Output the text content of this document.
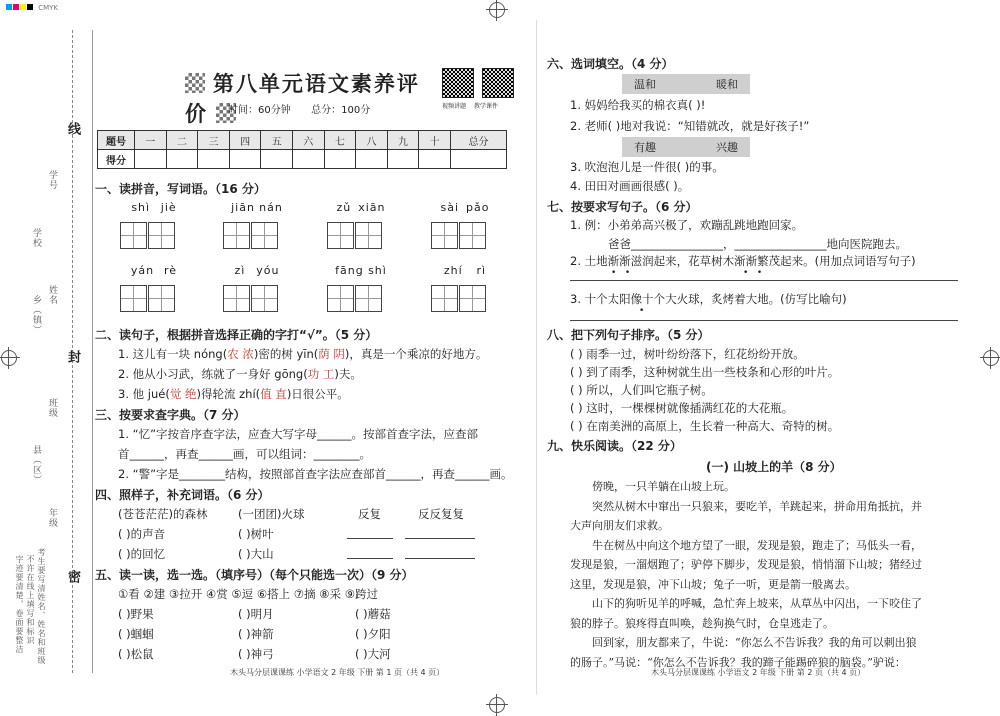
CMYK
线
封
密
学号
学校
姓名
乡（镇）
班级
县（区）
年级
考生要写清姓名、姓名和班级
不许在线上填写和标识
字迹要清楚，卷面要整洁
第八单元语文素养评价	时间：60分钟 总分：100分
	视频讲题 教学课件
题号	一	二	三	四	五	六	七	八	九	十	总分
得分											
一、读拼音，写词语。（16 分）
shì jiè	jiān nán	zǔ xiān	sài pǎo
yán rè	zì yóu	fāng shì	zhí rì
二、读句子，根据拼音选择正确的字打“√”。（5 分）
1. 这儿有一块 nóng(农 浓)密的树 yīn(荫 阴)，真是一个乘凉的好地方。
2. 他从小习武，练就了一身好 gōng(功 工)夫。
3. 他 jué(觉 绝)得轮流 zhí(值 直)日很公平。
三、按要求查字典。（7 分）
1. “忆”字按音序查字法，应查大写字母______。按部首查字法，应查部
首______，再查______画，可以组词：________。
2. “警”字是________结构，按照部首查字法应查部首______，再查______画。
四、照样子，补充词语。（6 分）
(苍苍茫茫)的森林	(一团团)火球	反复	反反复复
( )的声音	( )树叶
( )的回忆	( )大山
五、读一读，选一选。（填序号）（每个只能选一次）（9 分）
①看 ②建 ③拉开 ④赏 ⑤逗 ⑥搭上 ⑦摘 ⑧采 ⑨跨过
( )野果	( )明月	( )蘑菇
( )蝈蝈	( )神箭	( )夕阳
( )松鼠	( )神弓	( )大河
木头马分层课课练 小学语文 2 年级 下册 第 1 页（共 4 页）
六、选词填空。（4 分）
温和	暖和
1. 妈妈给我买的棉衣真( )!
2. 老师( )地对我说：“知错就改，就是好孩子!”
有趣	兴趣
3. 吹泡泡儿是一件很( )的事。
4. 田田对画画很感( )。
七、按要求写句子。（6 分）
1. 例：小弟弟高兴极了，欢蹦乱跳地跑回家。
爸爸________________，________________地向医院跑去。
2. 土地渐渐滋润起来，花草树木渐渐繁茂起来。(用加点词语写句子)
•   •	•   •
3. 十个太阳像十个大火球，炙烤着大地。(仿写比喻句)
•
八、把下列句子排序。（5 分）
( ) 雨季一过，树叶纷纷落下，红花纷纷开放。
( ) 到了雨季，这种树就生出一些枝条和心形的叶片。
( ) 所以，人们叫它瓶子树。
( ) 这时，一棵棵树就像插满红花的大花瓶。
( ) 在南美洲的高原上，生长着一种高大、奇特的树。
九、快乐阅读。（22 分）
(一) 山坡上的羊（8 分）
傍晚，一只羊躺在山坡上玩。
突然从树木中窜出一只狼来，要吃羊，羊跳起来，拼命用角抵抗，并
大声向朋友们求救。
牛在树丛中向这个地方望了一眼，发现是狼，跑走了；马低头一看，
发现是狼，一溜烟跑了；驴停下脚步，发现是狼，悄悄溜下山坡；猪经过
这里，发现是狼，冲下山坡；兔子一听，更是箭一般离去。
山下的狗听见羊的呼喊，急忙奔上坡来，从草丛中闪出，一下咬住了
狼的脖子。狼疼得直叫唤，趁狗换气时，仓皇逃走了。
回到家，朋友都来了，牛说：“你怎么不告诉我？我的角可以刺出狼
的肠子。”马说：“你怎么不告诉我？我的蹄子能踢碎狼的脑袋。”驴说：
木头马分层课课练 小学语文 2 年级 下册 第 2 页（共 4 页）
